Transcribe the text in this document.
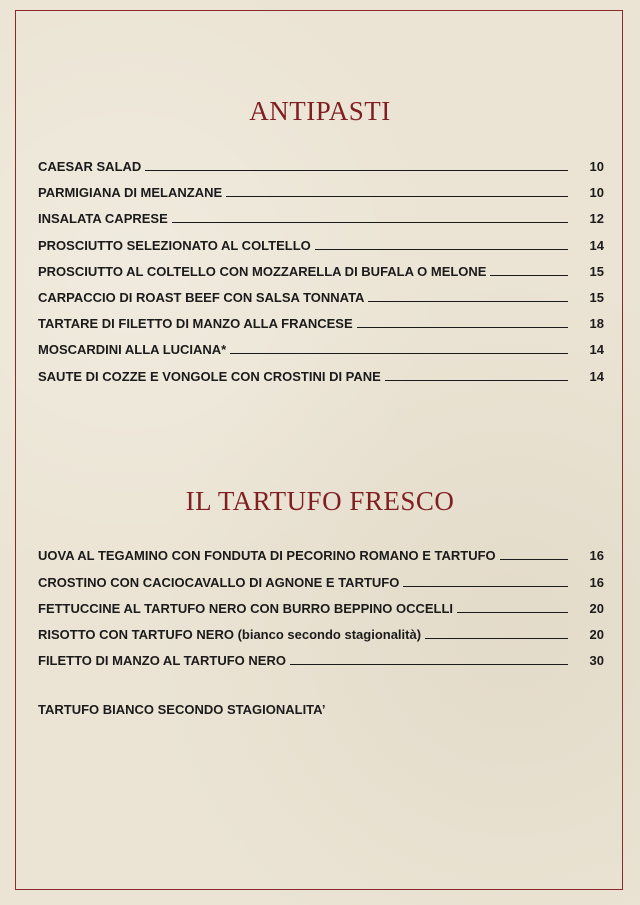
ANTIPASTI
CAESAR SALAD	10
PARMIGIANA DI MELANZANE	10
INSALATA CAPRESE	12
PROSCIUTTO SELEZIONATO AL COLTELLO	14
PROSCIUTTO AL COLTELLO CON MOZZARELLA DI BUFALA O MELONE	15
CARPACCIO DI ROAST BEEF CON SALSA TONNATA	15
TARTARE DI FILETTO DI MANZO ALLA FRANCESE	18
MOSCARDINI ALLA LUCIANA*	14
SAUTE DI COZZE E VONGOLE CON CROSTINI DI PANE	14
IL TARTUFO FRESCO
UOVA AL TEGAMINO CON FONDUTA DI PECORINO ROMANO E TARTUFO	16
CROSTINO CON CACIOCAVALLO DI AGNONE E TARTUFO	16
FETTUCCINE AL TARTUFO NERO CON BURRO BEPPINO OCCELLI	20
RISOTTO CON TARTUFO NERO (bianco secondo stagionalità)	20
FILETTO DI MANZO AL TARTUFO NERO	30
TARTUFO BIANCO SECONDO STAGIONALITA’
